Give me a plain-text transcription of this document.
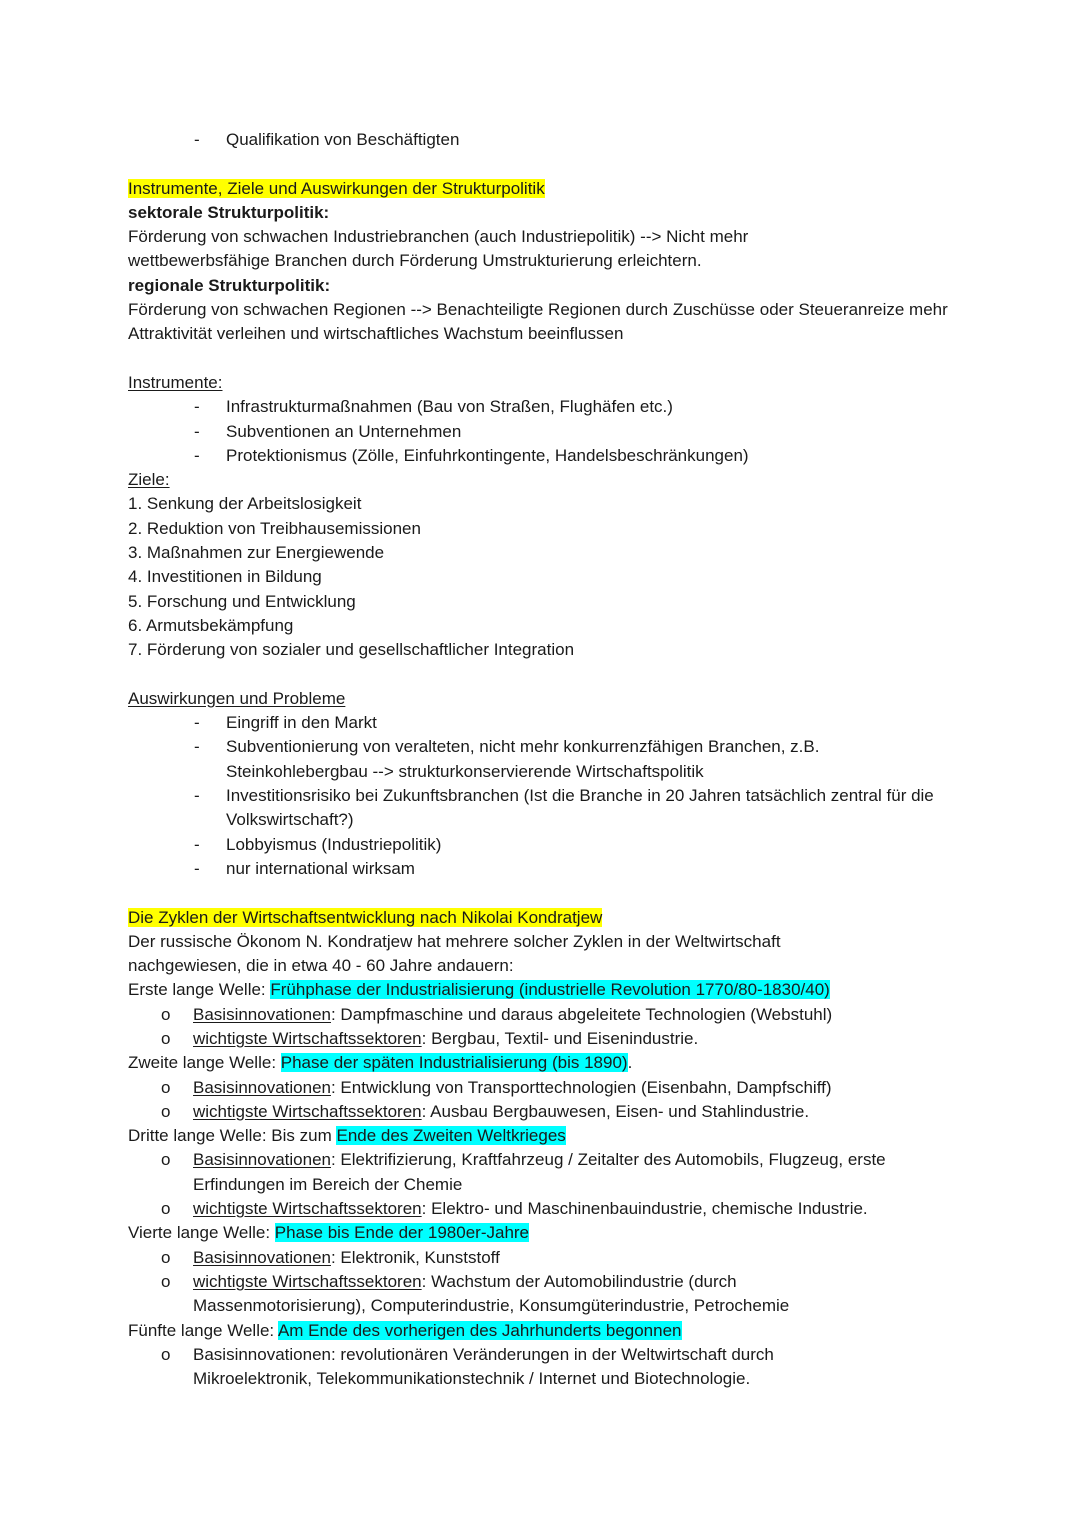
- Qualifikation von Beschäftigten
Instrumente, Ziele und Auswirkungen der Strukturpolitik
sektorale Strukturpolitik:
Förderung von schwachen Industriebranchen (auch Industriepolitik) --> Nicht mehr wettbewerbsfähige Branchen durch Förderung Umstrukturierung erleichtern.
regionale Strukturpolitik:
Förderung von schwachen Regionen --> Benachteiligte Regionen durch Zuschüsse oder Steueranreize mehr Attraktivität verleihen und wirtschaftliches Wachstum beeinflussen
Instrumente:
- Infrastrukturmaßnahmen (Bau von Straßen, Flughäfen etc.)
- Subventionen an Unternehmen
- Protektionismus (Zölle, Einfuhrkontingente, Handelsbeschränkungen)
Ziele:
1. Senkung der Arbeitslosigkeit
2. Reduktion von Treibhausemissionen
3. Maßnahmen zur Energiewende
4. Investitionen in Bildung
5. Forschung und Entwicklung
6. Armutsbekämpfung
7. Förderung von sozialer und gesellschaftlicher Integration
Auswirkungen und Probleme
- Eingriff in den Markt
- Subventionierung von veralteten, nicht mehr konkurrenzfähigen Branchen, z.B. Steinkohlebergbau --> strukturkonservierende Wirtschaftspolitik
- Investitionsrisiko bei Zukunftsbranchen (Ist die Branche in 20 Jahren tatsächlich zentral für die Volkswirtschaft?)
- Lobbyismus (Industriepolitik)
- nur international wirksam
Die Zyklen der Wirtschaftsentwicklung nach Nikolai Kondratjew
Der russische Ökonom N. Kondratjew hat mehrere solcher Zyklen in der Weltwirtschaft nachgewiesen, die in etwa 40 - 60 Jahre andauern:
Erste lange Welle: Frühphase der Industrialisierung (industrielle Revolution 1770/80-1830/40)
o Basisinnovationen: Dampfmaschine und daraus abgeleitete Technologien (Webstuhl)
o wichtigste Wirtschaftssektoren: Bergbau, Textil- und Eisenindustrie.
Zweite lange Welle: Phase der späten Industrialisierung (bis 1890).
o Basisinnovationen: Entwicklung von Transporttechnologien (Eisenbahn, Dampfschiff)
o wichtigste Wirtschaftssektoren: Ausbau Bergbauwesen, Eisen- und Stahlindustrie.
Dritte lange Welle: Bis zum Ende des Zweiten Weltkrieges
o Basisinnovationen: Elektrifizierung, Kraftfahrzeug / Zeitalter des Automobils, Flugzeug, erste Erfindungen im Bereich der Chemie
o wichtigste Wirtschaftssektoren: Elektro- und Maschinenbauindustrie, chemische Industrie.
Vierte lange Welle: Phase bis Ende der 1980er-Jahre
o Basisinnovationen: Elektronik, Kunststoff
o wichtigste Wirtschaftssektoren: Wachstum der Automobilindustrie (durch Massenmotorisierung), Computerindustrie, Konsumgüterindustrie, Petrochemie
Fünfte lange Welle: Am Ende des vorherigen des Jahrhunderts begonnen
o Basisinnovationen: revolutionären Veränderungen in der Weltwirtschaft durch Mikroelektronik, Telekommunikationstechnik / Internet und Biotechnologie.
